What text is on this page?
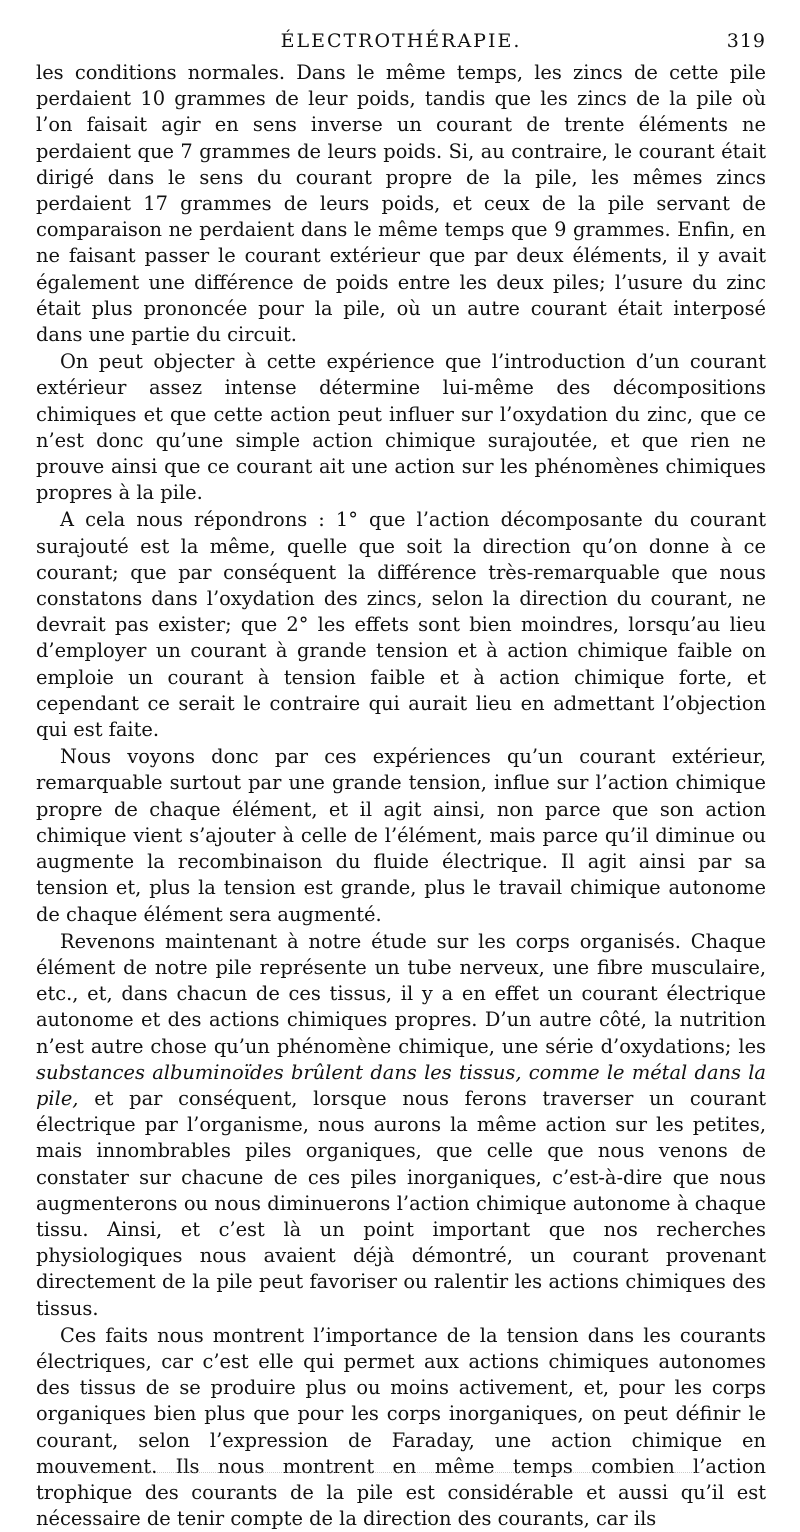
ÉLECTROTHÉRAPIE.	319

les conditions normales. Dans le même temps, les zincs de cette pile perdaient 10 grammes de leur poids, tandis que les zincs de la pile où l’on faisait agir en sens inverse un courant de trente éléments ne perdaient que 7 grammes de leurs poids. Si, au contraire, le courant était dirigé dans le sens du courant propre de la pile, les mêmes zincs perdaient 17 grammes de leurs poids, et ceux de la pile servant de comparaison ne perdaient dans le même temps que 9 grammes. Enfin, en ne faisant passer le courant extérieur que par deux éléments, il y avait également une différence de poids entre les deux piles; l’usure du zinc était plus prononcée pour la pile, où un autre courant était interposé dans une partie du circuit.

On peut objecter à cette expérience que l’introduction d’un courant extérieur assez intense détermine lui-même des décompositions chimiques et que cette action peut influer sur l’oxydation du zinc, que ce n’est donc qu’une simple action chimique surajoutée, et que rien ne prouve ainsi que ce courant ait une action sur les phénomènes chimiques propres à la pile.

A cela nous répondrons : 1° que l’action décomposante du courant surajouté est la même, quelle que soit la direction qu’on donne à ce courant; que par conséquent la différence très-remarquable que nous constatons dans l’oxydation des zincs, selon la direction du courant, ne devrait pas exister; que 2° les effets sont bien moindres, lorsqu’au lieu d’employer un courant à grande tension et à action chimique faible on emploie un courant à tension faible et à action chimique forte, et cependant ce serait le contraire qui aurait lieu en admettant l’objection qui est faite.

Nous voyons donc par ces expériences qu’un courant extérieur, remarquable surtout par une grande tension, influe sur l’action chimique propre de chaque élément, et il agit ainsi, non parce que son action chimique vient s’ajouter à celle de l’élément, mais parce qu’il diminue ou augmente la recombinaison du fluide électrique. Il agit ainsi par sa tension et, plus la tension est grande, plus le travail chimique autonome de chaque élément sera augmenté.

Revenons maintenant à notre étude sur les corps organisés. Chaque élément de notre pile représente un tube nerveux, une fibre musculaire, etc., et, dans chacun de ces tissus, il y a en effet un courant électrique autonome et des actions chimiques propres. D’un autre côté, la nutrition n’est autre chose qu’un phénomène chimique, une série d’oxydations; les substances albuminoïdes brûlent dans les tissus, comme le métal dans la pile, et par conséquent, lorsque nous ferons traverser un courant électrique par l’organisme, nous aurons la même action sur les petites, mais innombrables piles organiques, que celle que nous venons de constater sur chacune de ces piles inorganiques, c’est-à-dire que nous augmenterons ou nous diminuerons l’action chimique autonome à chaque tissu. Ainsi, et c’est là un point important que nos recherches physiologiques nous avaient déjà démontré, un courant provenant directement de la pile peut favoriser ou ralentir les actions chimiques des tissus.

Ces faits nous montrent l’importance de la tension dans les courants électriques, car c’est elle qui permet aux actions chimiques autonomes des tissus de se produire plus ou moins activement, et, pour les corps organiques bien plus que pour les corps inorganiques, on peut définir le courant, selon l’expression de Faraday, une action chimique en mouvement. Ils nous montrent en même temps combien l’action trophique des courants de la pile est considérable et aussi qu’il est nécessaire de tenir compte de la direction des courants, car ils
